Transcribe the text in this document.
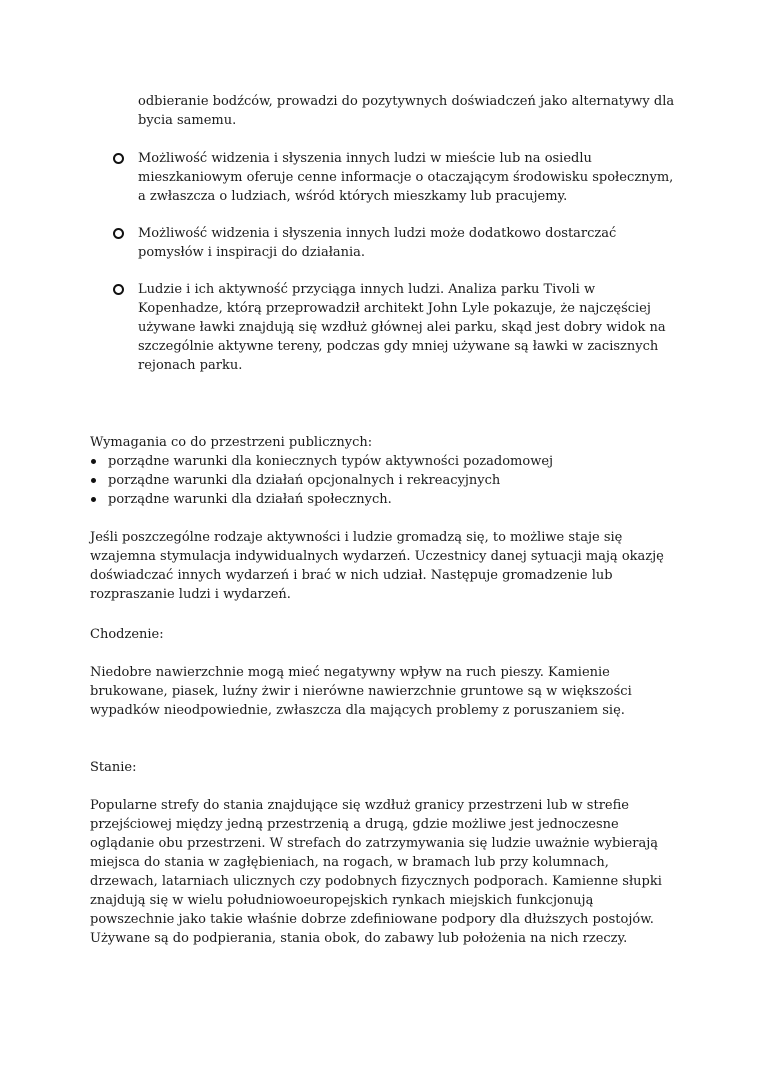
odbieranie bodźców, prowadzi do pozytywnych doświadczeń jako alternatywy dla bycia samemu.

Możliwość widzenia i słyszenia innych ludzi w mieście lub na osiedlu mieszkaniowym oferuje cenne informacje o otaczającym środowisku społecznym, a zwłaszcza o ludziach, wśród których mieszkamy lub pracujemy.
Możliwość widzenia i słyszenia innych ludzi może dodatkowo dostarczać pomysłów i inspiracji do działania.
Ludzie i ich aktywność przyciąga innych ludzi. Analiza parku Tivoli w Kopenhadze, którą przeprowadził architekt John Lyle pokazuje, że najczęściej używane ławki znajdują się wzdłuż głównej alei parku, skąd jest dobry widok na szczególnie aktywne tereny, podczas gdy mniej używane są ławki w zacisznych rejonach parku.
Wymagania co do przestrzeni publicznych:
porządne warunki dla koniecznych typów aktywności pozadomowej
porządne warunki dla działań opcjonalnych i rekreacyjnych
porządne warunki dla działań społecznych.

Jeśli poszczególne rodzaje aktywności i ludzie gromadzą się, to możliwe staje się wzajemna stymulacja indywidualnych wydarzeń. Uczestnicy danej sytuacji mają okazję doświadczać innych wydarzeń i brać w nich udział. Następuje gromadzenie lub rozpraszanie ludzi i wydarzeń.

Chodzenie:

Niedobre nawierzchnie mogą mieć negatywny wpływ na ruch pieszy. Kamienie brukowane, piasek, luźny żwir i nierówne nawierzchnie gruntowe są w większości wypadków nieodpowiednie, zwłaszcza dla mających problemy z poruszaniem się.

Stanie:

Popularne strefy do stania znajdujące się wzdłuż granicy przestrzeni lub w strefie przejściowej między jedną przestrzenią a drugą, gdzie możliwe jest jednoczesne oglądanie obu przestrzeni. W strefach do zatrzymywania się ludzie uważnie wybierają miejsca do stania w zagłębieniach, na rogach, w bramach lub przy kolumnach, drzewach, latarniach ulicznych czy podobnych fizycznych podporach. Kamienne słupki znajdują się w wielu południowoeuropejskich rynkach miejskich funkcjonują powszechnie jako takie właśnie dobrze zdefiniowane podpory dla dłuższych postojów. Używane są do podpierania, stania obok, do zabawy lub położenia na nich rzeczy.
